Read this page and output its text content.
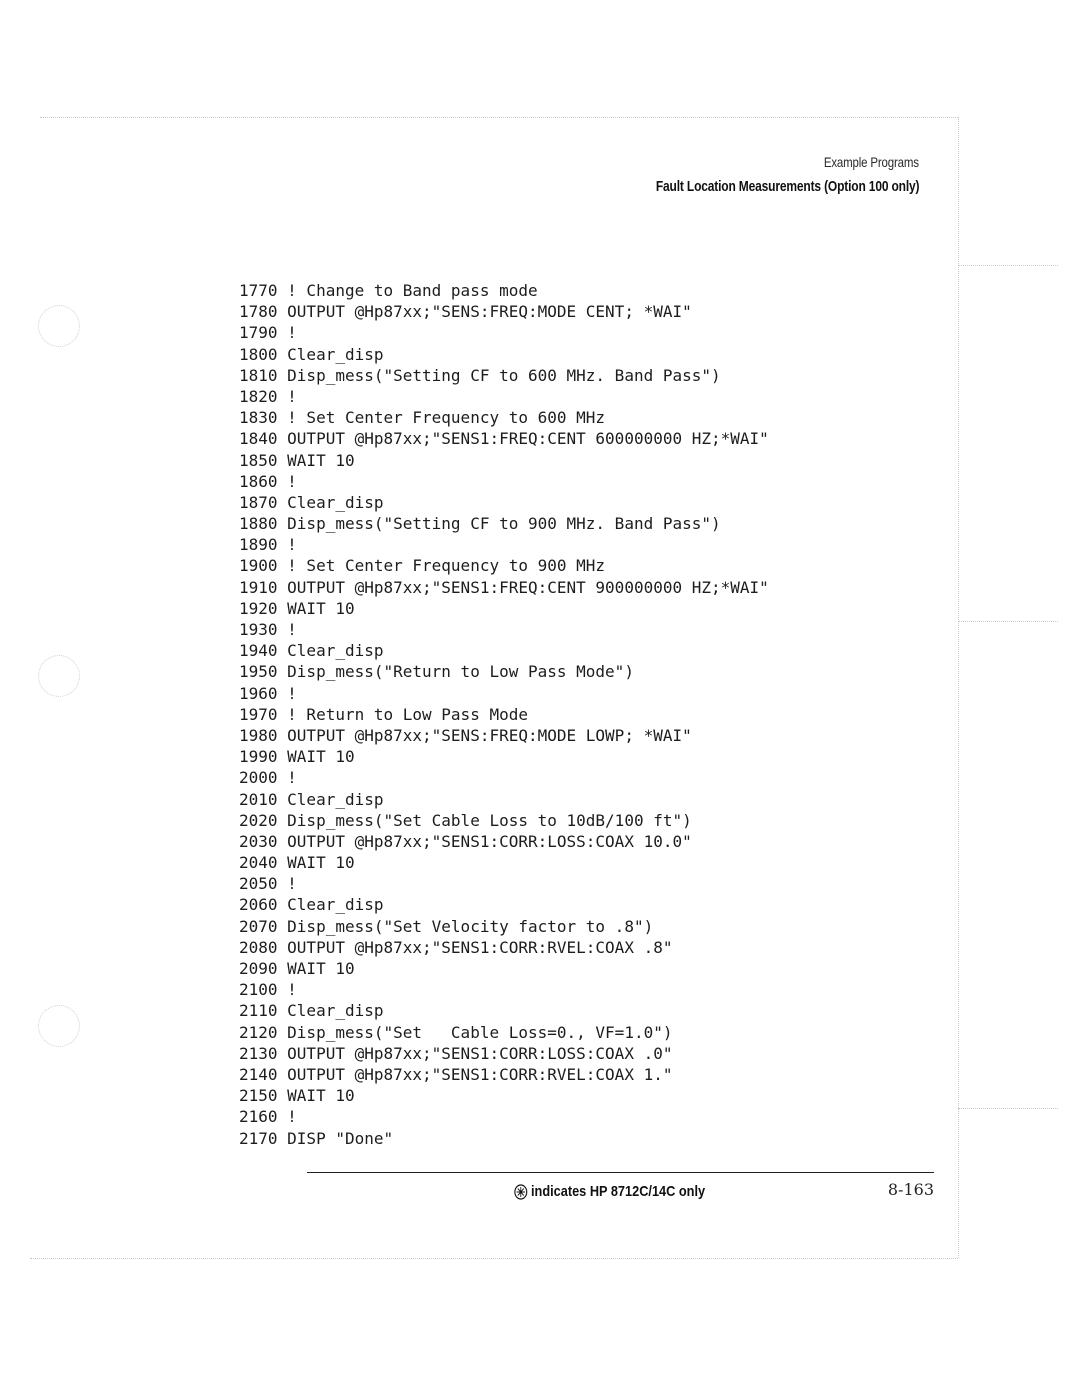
Example Programs
Fault Location Measurements (Option 100 only)
1770 ! Change to Band pass mode
1780 OUTPUT @Hp87xx;"SENS:FREQ:MODE CENT; *WAI"
1790 !
1800 Clear_disp
1810 Disp_mess("Setting CF to 600 MHz. Band Pass")
1820 !
1830 ! Set Center Frequency to 600 MHz
1840 OUTPUT @Hp87xx;"SENS1:FREQ:CENT 600000000 HZ;*WAI"
1850 WAIT 10
1860 !
1870 Clear_disp
1880 Disp_mess("Setting CF to 900 MHz. Band Pass")
1890 !
1900 ! Set Center Frequency to 900 MHz
1910 OUTPUT @Hp87xx;"SENS1:FREQ:CENT 900000000 HZ;*WAI"
1920 WAIT 10
1930 !
1940 Clear_disp
1950 Disp_mess("Return to Low Pass Mode")
1960 !
1970 ! Return to Low Pass Mode
1980 OUTPUT @Hp87xx;"SENS:FREQ:MODE LOWP; *WAI"
1990 WAIT 10
2000 !
2010 Clear_disp
2020 Disp_mess("Set Cable Loss to 10dB/100 ft")
2030 OUTPUT @Hp87xx;"SENS1:CORR:LOSS:COAX 10.0"
2040 WAIT 10
2050 !
2060 Clear_disp
2070 Disp_mess("Set Velocity factor to .8")
2080 OUTPUT @Hp87xx;"SENS1:CORR:RVEL:COAX .8"
2090 WAIT 10
2100 !
2110 Clear_disp
2120 Disp_mess("Set   Cable Loss=0., VF=1.0")
2130 OUTPUT @Hp87xx;"SENS1:CORR:LOSS:COAX .0"
2140 OUTPUT @Hp87xx;"SENS1:CORR:RVEL:COAX 1."
2150 WAIT 10
2160 !
2170 DISP "Done"
indicates HP 8712C/14C only	8-163
